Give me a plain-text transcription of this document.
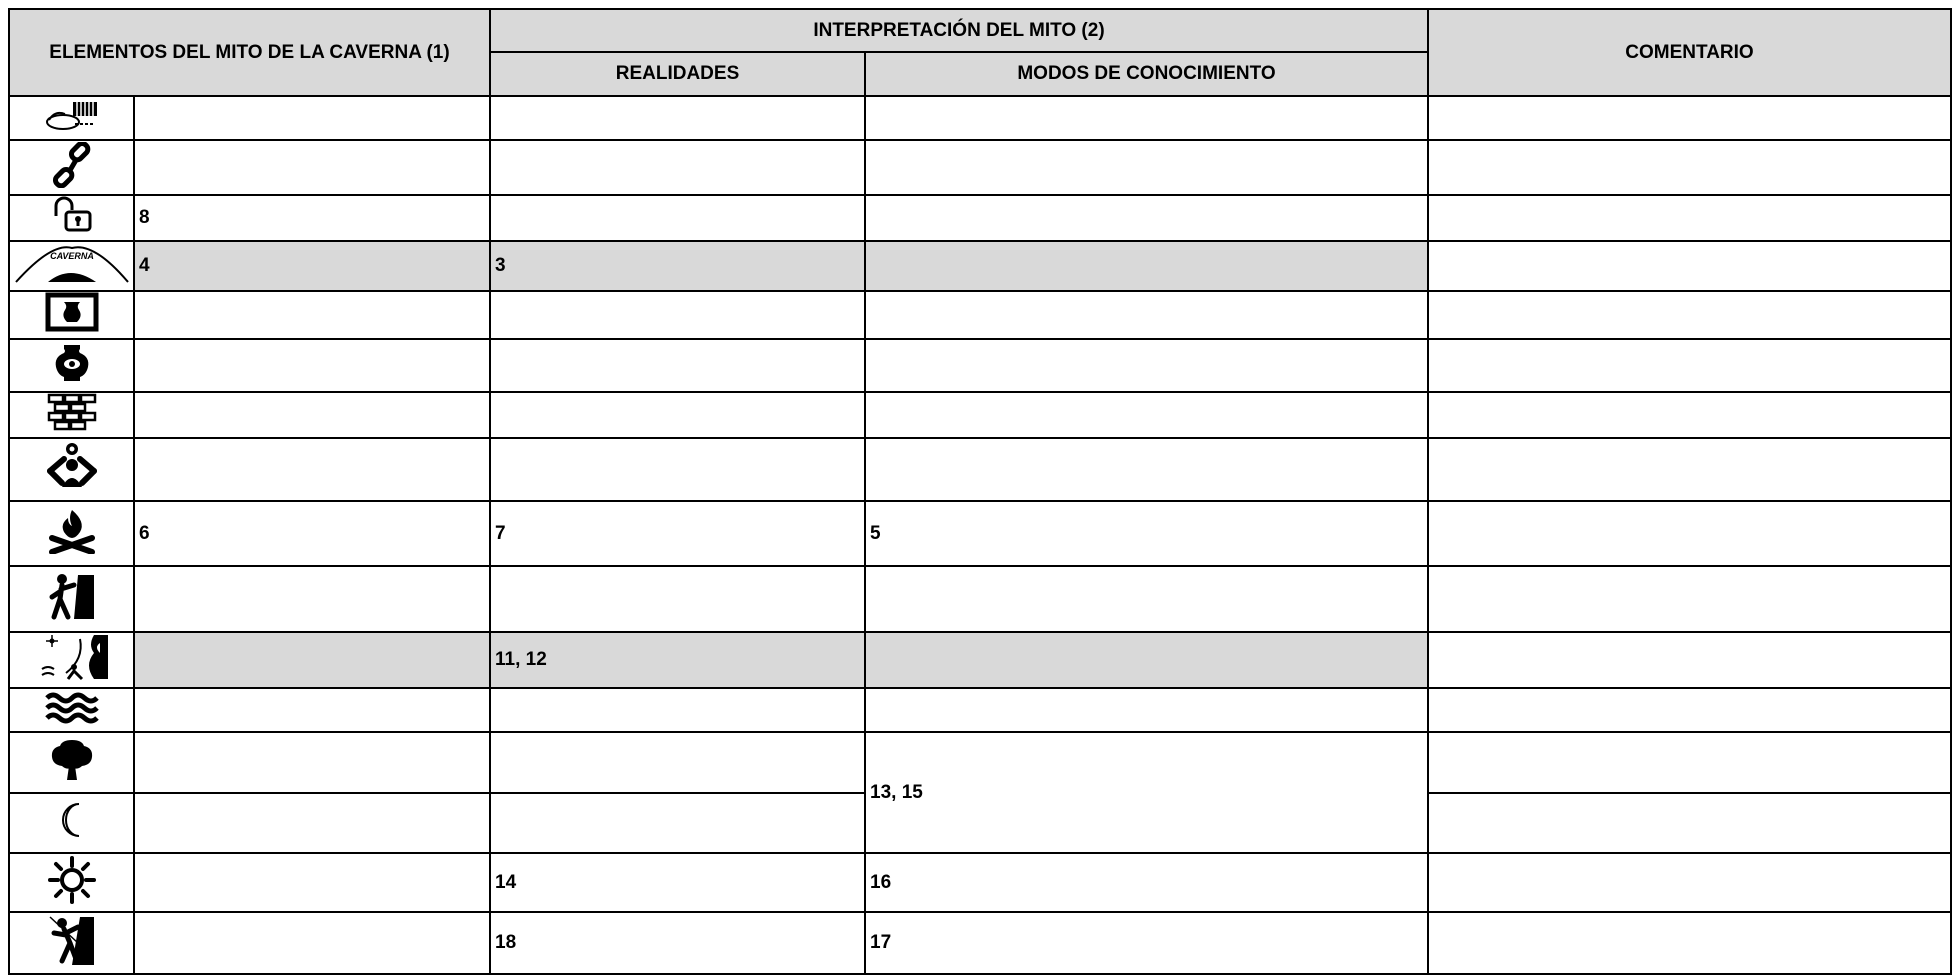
ELEMENTOS DEL MITO DE LA CAVERNA (1)		INTERPRETACIÓN DEL MITO (2)		COMENTARIO
		REALIDADES	MODOS DE CONOCIMIENTO	

	8			

CAVERNA	4	3		

	6	7	5	

		11, 12		

			13, 15	

		14	16	

		18	17	
